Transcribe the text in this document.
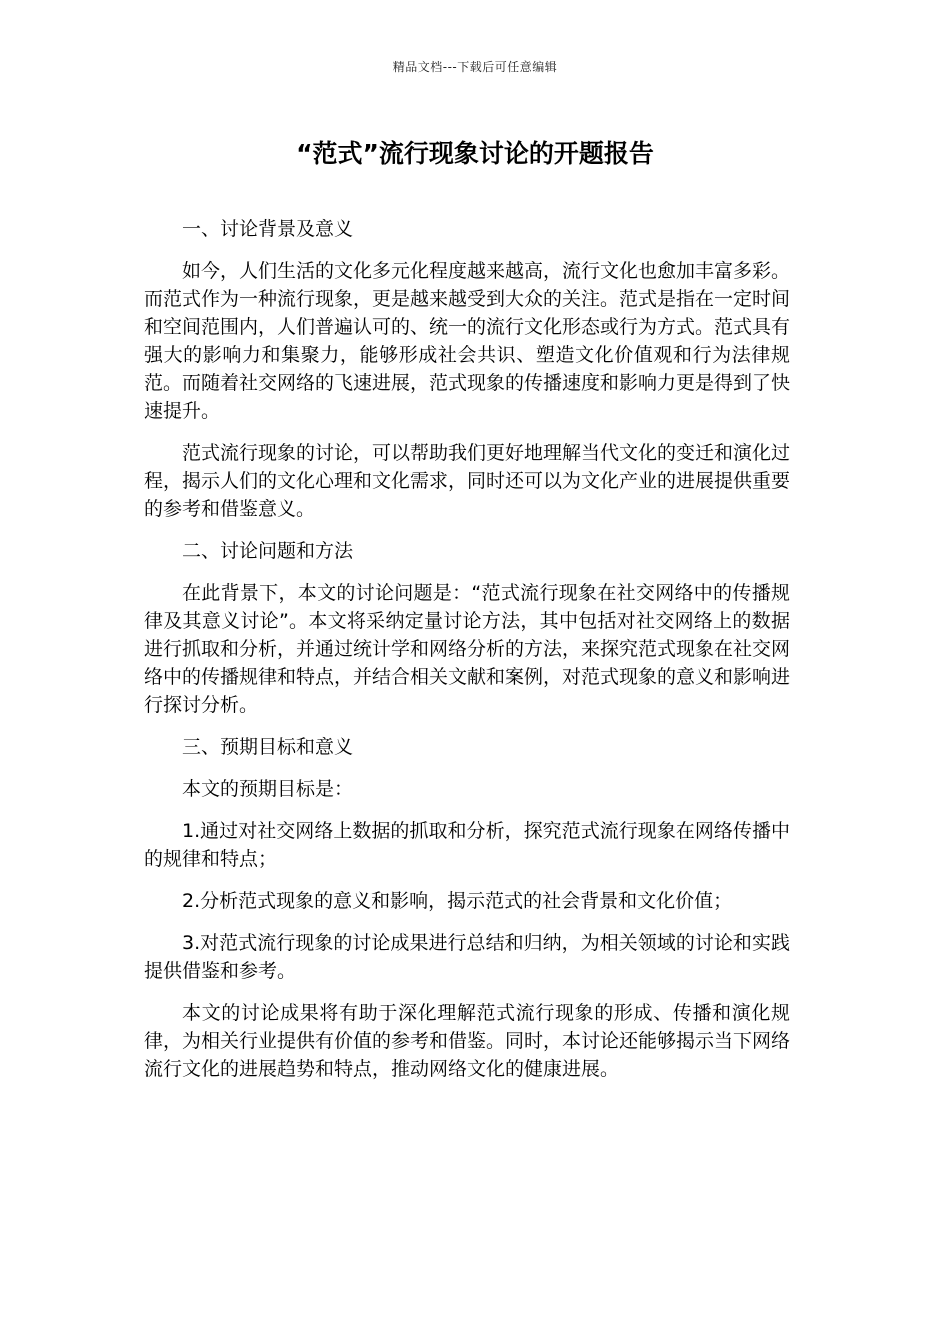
精品文档---下载后可任意编辑
“范式”流行现象讨论的开题报告

一、讨论背景及意义

如今，人们生活的文化多元化程度越来越高，流行文化也愈加丰富多彩。而范式作为一种流行现象，更是越来越受到大众的关注。范式是指在一定时间和空间范围内，人们普遍认可的、统一的流行文化形态或行为方式。范式具有强大的影响力和集聚力，能够形成社会共识、塑造文化价值观和行为法律规范。而随着社交网络的飞速进展，范式现象的传播速度和影响力更是得到了快速提升。

范式流行现象的讨论，可以帮助我们更好地理解当代文化的变迁和演化过程，揭示人们的文化心理和文化需求，同时还可以为文化产业的进展提供重要的参考和借鉴意义。

二、讨论问题和方法

在此背景下，本文的讨论问题是：“范式流行现象在社交网络中的传播规律及其意义讨论”。本文将采纳定量讨论方法，其中包括对社交网络上的数据进行抓取和分析，并通过统计学和网络分析的方法，来探究范式现象在社交网络中的传播规律和特点，并结合相关文献和案例，对范式现象的意义和影响进行探讨分析。

三、预期目标和意义

本文的预期目标是：

1.通过对社交网络上数据的抓取和分析，探究范式流行现象在网络传播中的规律和特点；

2.分析范式现象的意义和影响，揭示范式的社会背景和文化价值；

3.对范式流行现象的讨论成果进行总结和归纳，为相关领域的讨论和实践提供借鉴和参考。

本文的讨论成果将有助于深化理解范式流行现象的形成、传播和演化规律，为相关行业提供有价值的参考和借鉴。同时，本讨论还能够揭示当下网络流行文化的进展趋势和特点，推动网络文化的健康进展。
